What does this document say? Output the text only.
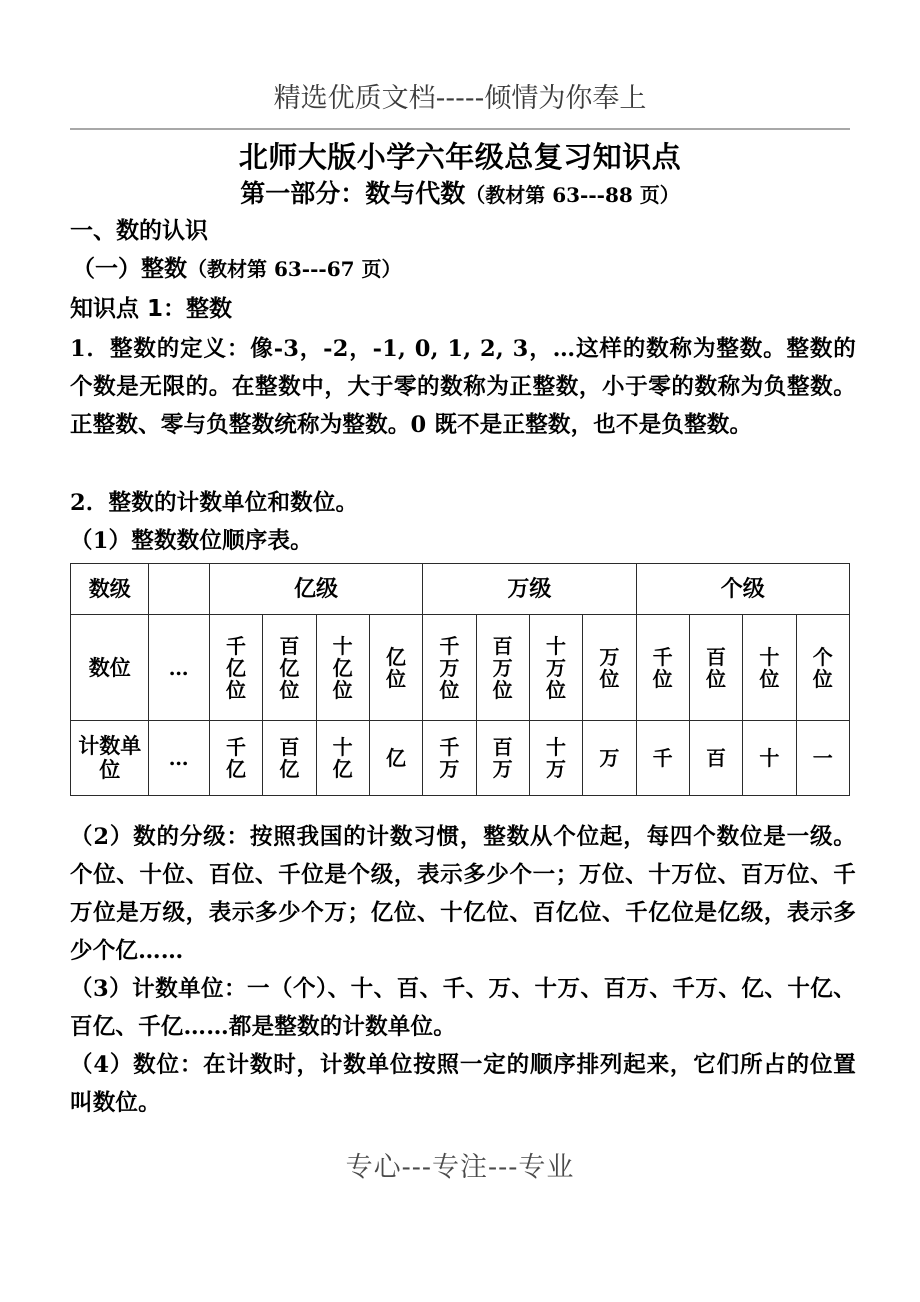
精选优质文档-----倾情为你奉上
北师大版小学六年级总复习知识点
第一部分：数与代数（教材第 63---88 页）
一、数的认识
（一）整数（教材第 63---67 页）
知识点 1：整数
1．整数的定义：像-3，-2，-1, 0, 1, 2, 3，…这样的数称为整数。整数的个数是无限的。在整数中，大于零的数称为正整数，小于零的数称为负整数。正整数、零与负整数统称为整数。0 既不是正整数，也不是负整数。
2．整数的计数单位和数位。
（1）整数数位顺序表。
数级		亿级				万级				个级			
数位	…	千
亿
位	百
亿
位	十
亿
位	亿
位	千
万
位	百
万
位	十
万
位	万
位	千
位	百
位	十
位	个
位

计数单位	…	千
亿	百
亿	十
亿	亿	千
万	百
万	十
万	万	千	百	十	一
（2）数的分级：按照我国的计数习惯，整数从个位起，每四个数位是一级。个位、十位、百位、千位是个级，表示多少个一；万位、十万位、百万位、千万位是万级，表示多少个万；亿位、十亿位、百亿位、千亿位是亿级，表示多少个亿……
（3）计数单位：一（个）、十、百、千、万、十万、百万、千万、亿、十亿、百亿、千亿……都是整数的计数单位。
（4）数位：在计数时，计数单位按照一定的顺序排列起来，它们所占的位置叫数位。
专心---专注---专业
